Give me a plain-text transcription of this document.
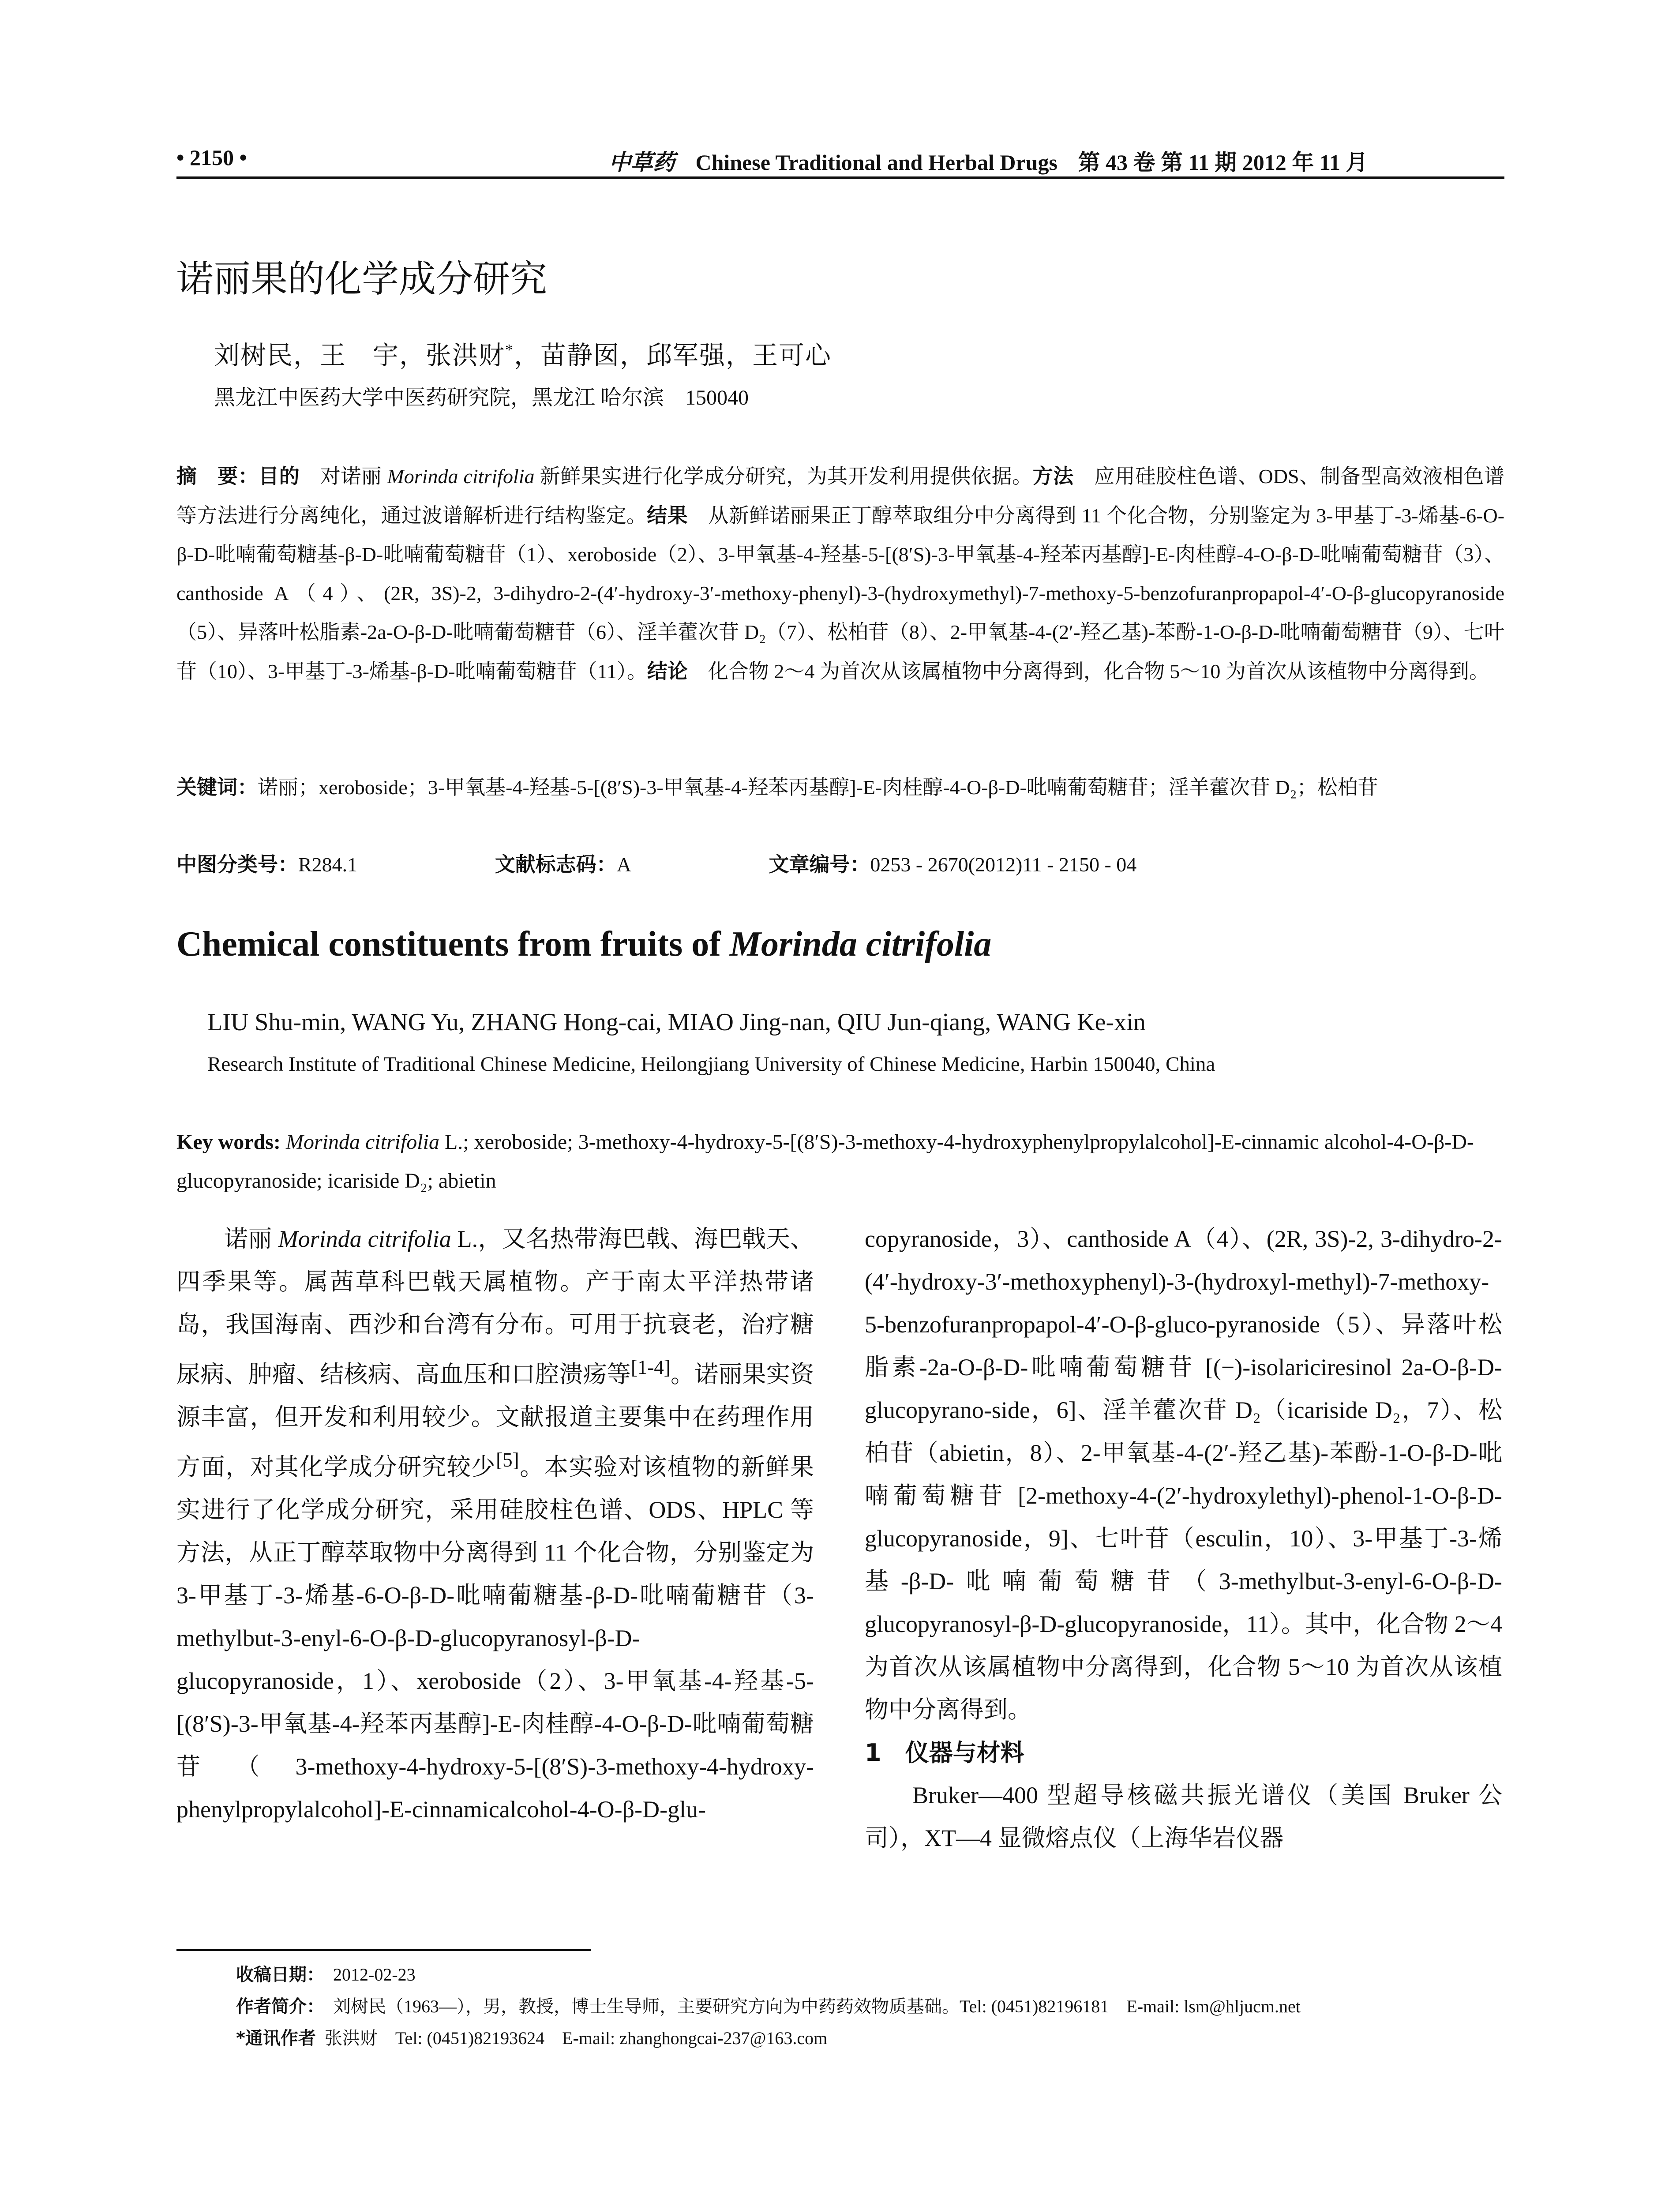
• 2150 •	中草药 Chinese Traditional and Herbal Drugs 第 43 卷 第 11 期 2012 年 11 月
诺丽果的化学成分研究
刘树民，王　宇，张洪财*，苗静囡，邱军强，王可心
黑龙江中医药大学中医药研究院，黑龙江 哈尔滨　150040
摘　要：目的　对诺丽 Morinda citrifolia 新鲜果实进行化学成分研究，为其开发利用提供依据。方法　应用硅胶柱色谱、ODS、制备型高效液相色谱等方法进行分离纯化，通过波谱解析进行结构鉴定。结果　从新鲜诺丽果正丁醇萃取组分中分离得到 11 个化合物，分别鉴定为 3-甲基丁-3-烯基-6-O-β-D-吡喃葡萄糖基-β-D-吡喃葡萄糖苷（1）、xeroboside（2）、3-甲氧基-4-羟基-5-[(8′S)-3-甲氧基-4-羟苯丙基醇]-E-肉桂醇-4-O-β-D-吡喃葡萄糖苷（3）、canthoside A（4）、(2R, 3S)-2, 3-dihydro-2-(4′-hydroxy-3′-methoxy-phenyl)-3-(hydroxymethyl)-7-methoxy-5-benzofuranpropapol-4′-O-β-glucopyranoside（5）、异落叶松脂素-2a-O-β-D-吡喃葡萄糖苷（6）、淫羊藿次苷 D₂（7）、松柏苷（8）、2-甲氧基-4-(2′-羟乙基)-苯酚-1-O-β-D-吡喃葡萄糖苷（9）、七叶苷（10）、3-甲基丁-3-烯基-β-D-吡喃葡萄糖苷（11）。结论　化合物 2～4 为首次从该属植物中分离得到，化合物 5～10 为首次从该植物中分离得到。
关键词：诺丽；xeroboside；3-甲氧基-4-羟基-5-[(8′S)-3-甲氧基-4-羟苯丙基醇]-E-肉桂醇-4-O-β-D-吡喃葡萄糖苷；淫羊藿次苷 D₂；松柏苷
中图分类号：R284.1	文献标志码：A	文章编号：0253 - 2670(2012)11 - 2150 - 04
Chemical constituents from fruits of Morinda citrifolia
LIU Shu-min, WANG Yu, ZHANG Hong-cai, MIAO Jing-nan, QIU Jun-qiang, WANG Ke-xin
Research Institute of Traditional Chinese Medicine, Heilongjiang University of Chinese Medicine, Harbin 150040, China
Key words: Morinda citrifolia L.; xeroboside; 3-methoxy-4-hydroxy-5-[(8′S)-3-methoxy-4-hydroxyphenylpropylalcohol]-E-cinnamic alcohol-4-O-β-D-glucopyranoside; icariside D₂; abietin

诺丽 Morinda citrifolia L.，又名热带海巴戟、海巴戟天、四季果等。属茜草科巴戟天属植物。产于南太平洋热带诸岛，我国海南、西沙和台湾有分布。可用于抗衰老，治疗糖尿病、肿瘤、结核病、高血压和口腔溃疡等[1-4]。诺丽果实资源丰富，但开发和利用较少。文献报道主要集中在药理作用方面，对其化学成分研究较少[5]。本实验对该植物的新鲜果实进行了化学成分研究，采用硅胶柱色谱、ODS、HPLC 等方法，从正丁醇萃取物中分离得到 11 个化合物，分别鉴定为 3-甲基丁-3-烯基-6-O-β-D-吡喃葡糖基-β-D-吡喃葡糖苷（3-methylbut-3-enyl-6-O-β-D-glucopyranosyl-β-D-glucopyranoside，1）、xeroboside（2）、3-甲氧基-4-羟基-5-[(8′S)-3-甲氧基-4-羟苯丙基醇]-E-肉桂醇-4-O-β-D-吡喃葡萄糖苷（3-methoxy-4-hydroxy-5-[(8′S)-3-methoxy-4-hydroxy-phenylpropylalcohol]-E-cinnamicalcohol-4-O-β-D-glu-

copyranoside，3）、canthoside A（4）、(2R, 3S)-2, 3-dihydro-2-(4′-hydroxy-3′-methoxyphenyl)-3-(hydroxyl-methyl)-7-methoxy-5-benzofuranpropapol-4′-O-β-gluco-pyranoside（5）、异落叶松脂素-2a-O-β-D-吡喃葡萄糖苷 [(−)-isolariciresinol 2a-O-β-D-glucopyrano-side，6]、淫羊藿次苷 D₂（icariside D₂，7）、松柏苷（abietin，8）、2-甲氧基-4-(2′-羟乙基)-苯酚-1-O-β-D-吡喃葡萄糖苷 [2-methoxy-4-(2′-hydroxylethyl)-phenol-1-O-β-D-glucopyranoside，9]、七叶苷（esculin，10）、3-甲基丁-3-烯基-β-D-吡喃葡萄糖苷（3-methylbut-3-enyl-6-O-β-D-glucopyranosyl-β-D-glucopyranoside，11）。其中，化合物 2～4 为首次从该属植物中分离得到，化合物 5～10 为首次从该植物中分离得到。

1　仪器与材料

Bruker—400 型超导核磁共振光谱仪（美国 Bruker 公司），XT—4 显微熔点仪（上海华岩仪器

收稿日期： 2012-02-23
作者简介： 刘树民（1963—），男，教授，博士生导师，主要研究方向为中药药效物质基础。Tel: (0451)82196181　E-mail: lsm@hljucm.net
*通讯作者 张洪财　Tel: (0451)82193624　E-mail: zhanghongcai-237@163.com
